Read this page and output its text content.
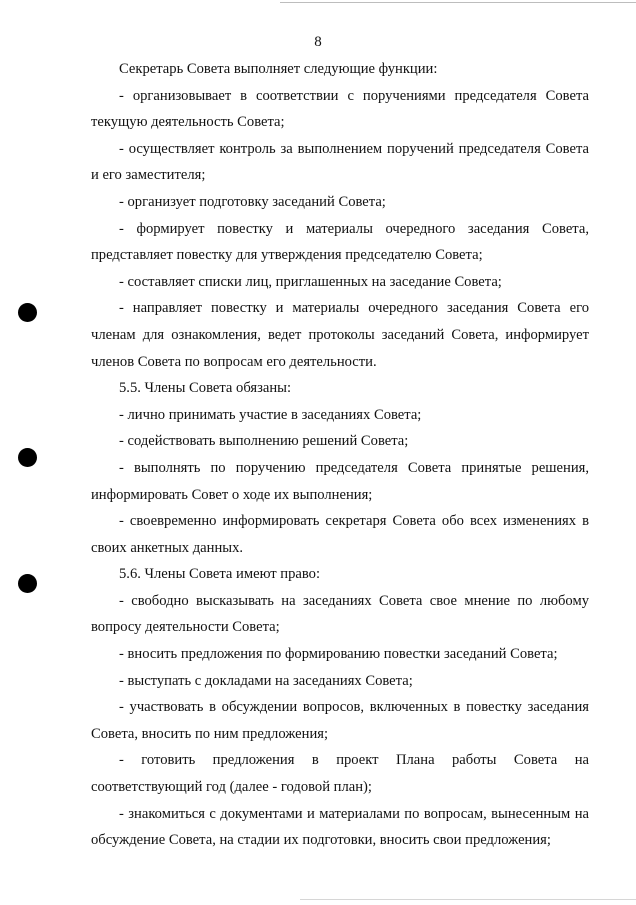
8

Секретарь Совета выполняет следующие функции:

- организовывает в соответствии с поручениями председателя Совета текущую деятельность Совета;

- осуществляет контроль за выполнением поручений председателя Совета и его заместителя;

- организует подготовку заседаний Совета;

- формирует повестку и материалы очередного заседания Совета, представляет повестку для утверждения председателю Совета;

- составляет списки лиц, приглашенных на заседание Совета;

- направляет повестку и материалы очередного заседания Совета его членам для ознакомления, ведет протоколы заседаний Совета, информирует членов Совета по вопросам его деятельности.

5.5. Члены Совета обязаны:

- лично принимать участие в заседаниях Совета;

- содействовать выполнению решений Совета;

- выполнять по поручению председателя Совета принятые решения, информировать Совет о ходе их выполнения;

- своевременно информировать секретаря Совета обо всех изменениях в своих анкетных данных.

5.6. Члены Совета имеют право:

- свободно высказывать на заседаниях Совета свое мнение по любому вопросу деятельности Совета;

- вносить предложения по формированию повестки заседаний Совета;

- выступать с докладами на заседаниях Совета;

- участвовать в обсуждении вопросов, включенных в повестку заседания Совета, вносить по ним предложения;

- готовить предложения в проект Плана работы Совета на соответствующий год (далее - годовой план);

- знакомиться с документами и материалами по вопросам, вынесенным на обсуждение Совета, на стадии их подготовки, вносить свои предложения;
